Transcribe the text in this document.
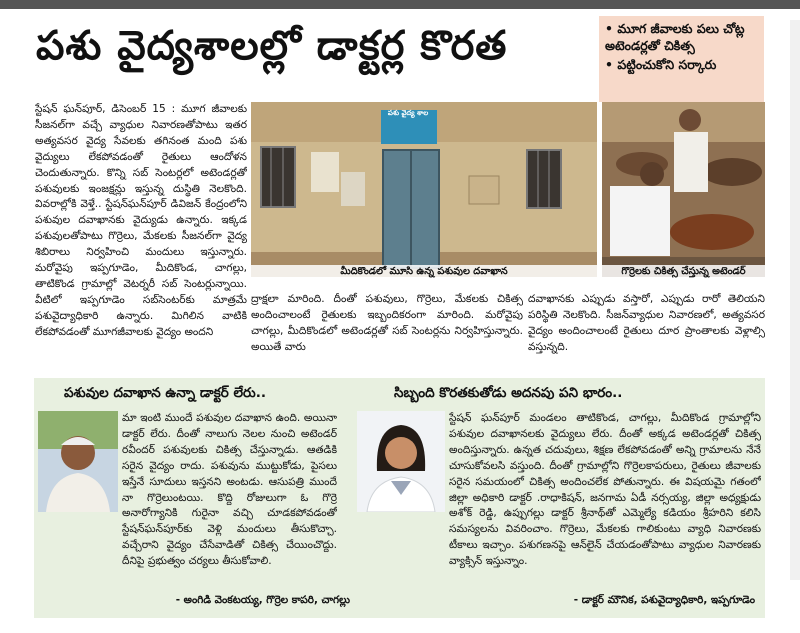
పశు వైద్యశాలల్లో డాక్టర్ల కొరత	• మూగ జీవాలకు పలు చోట్ల అటెండర్లతో చికిత్స
• పట్టించుకోని సర్కారు
స్టేషన్ ఘన్‌పూర్, డిసెంబర్ 15 : మూగ జీవాలకు సీజనల్‌గా వచ్చే వ్యాధుల నివారణతోపాటు ఇతర అత్యవసర వైద్య సేవలకు తగినంత మంది పశు వైద్యులు లేకపోవడంతో రైతులు ఆందోళన చెందుతున్నారు. కొన్ని సబ్ సెంటర్లలో అటెండర్లతో పశువులకు ఇంజక్షన్లు ఇస్తున్న దుస్థితి నెలకొంది. వివరాల్లోకి వెళ్తే.. స్టేషన్‌ఘన్‌పూర్ డివిజన్ కేంద్రంలోని పశువుల దవాఖానకు వైద్యుడు ఉన్నారు. ఇక్కడ పశువులతోపాటు గొర్రెలు, మేకలకు సీజనల్‌గా వైద్య శిబిరాలు నిర్వహించి మందులు ఇస్తున్నారు. మరోవైపు ఇప్పగూడెం, మీదికొండ, చాగల్లు, తాటికొండ గ్రామాల్లో వెటర్నరీ సబ్ సెంటర్లున్నాయి. వీటిలో ఇప్పగూడెం సబ్‌సెంటర్‌కు మాత్రమే పశువైద్యాధికారి ఉన్నారు. మిగిలిన వాటికి లేకపోవడంతో మూగజీవాలకు వైద్యం అందని
పశు వైద్య శాల
మీదికొండలో మూసి ఉన్న పశువుల దవాఖాన	గొర్రెలకు చికిత్స చేస్తున్న అటెండర్
ద్రాక్షలా మారింది. దీంతో పశువులు, గొర్రెలు, మేకలకు చికిత్స అందించాలంటే రైతులకు ఇబ్బందికరంగా మారింది. మరోవైపు చాగల్లు, మీదికొండలో అటెండర్లతో సబ్ సెంటర్లను నిర్వహిస్తున్నారు. అయితే వారు
దవాఖానకు ఎప్పుడు వస్తారో, ఎప్పుడు రారో తెలియని పరిస్థితి నెలకొంది. సీజన్‌వ్యాధుల నివారణలో, అత్యవసర వైద్యం అందించాలంటే రైతులు దూర ప్రాంతాలకు వెళ్లాల్సి వస్తున్నది.
పశువుల దవాఖాన ఉన్నా డాక్టర్ లేరు..
మా ఇంటి ముందే పశువుల దవాఖాన ఉంది. అయినా డాక్టర్ లేరు. దీంతో నాలుగు నెలల నుంచి అటెండర్ రవీందర్ పశువులకు చికిత్స చేస్తున్నాడు. ఆతడికి సరైన వైద్యం రాదు. పశువును ముట్టుకోడు, పైసలు ఇస్తేనే సూదులు ఇస్తనని అంటడు. ఆసుపత్రి ముందే నా గొర్రెలుంటయి. కొద్ది రోజులుగా ఓ గొర్రె అనారోగ్యానికి గురైనా వచ్చి చూడకపోవడంతో స్టేషన్‌ఘన్‌పూర్‌కు వెళ్లి మందులు తీసుకొచ్చా. వచ్చేరాని వైద్యం చేసేవాడితో చికిత్స చేయించొద్దు. దీనిపై ప్రభుత్వం చర్యలు తీసుకోవాలి.
- అంగిడి వెంకటయ్య, గొర్రెల కాపరి, చాగల్లు
సిబ్బంది కొరతకుతోడు అదనపు పని భారం..
స్టేషన్ ఘన్‌పూర్ మండలం తాటికొండ, చాగల్లు, మీదికొండ గ్రామాల్లోని పశువుల దవాఖానలకు వైద్యులు లేరు. దీంతో అక్కడ అటెండర్లతో చికిత్స అందిస్తున్నారు. ఉన్నత చదువులు, శిక్షణ లేకపోవడంతో అన్ని గ్రామాలను నేనే చూసుకోవలసి వస్తుంది. దీంతో గ్రామాల్లోని గొర్రెలకాపరులు, రైతులు జీవాలకు సరైన సమయంలో చికిత్స అందించలేక పోతున్నారు. ఈ విషయమై గతంలో జిల్లా అధికారి డాక్టర్ .రాధాకిషన్, జనగామ ఏడీ నర్సయ్య, జిల్లా అధ్యక్షుడు అశోక్ రెడ్డి, ఉప్పుగల్లు డాక్టర్ శ్రీనాథ్‌తో ఎమ్మెల్యే కడియం శ్రీహరిని కలిసి సమస్యలను వివరించాం. గొర్రెలు, మేకలకు గాలికుంటు వ్యాధి నివారణకు టీకాలు ఇచ్చాం. పశుగణనపై ఆన్‌లైన్ చేయడంతోపాటు వ్యాధుల నివారణకు వ్యాక్సిన్ ఇస్తున్నాం.
- డాక్టర్ మౌనిక, పశువైద్యాధికారి, ఇప్పగూడెం
